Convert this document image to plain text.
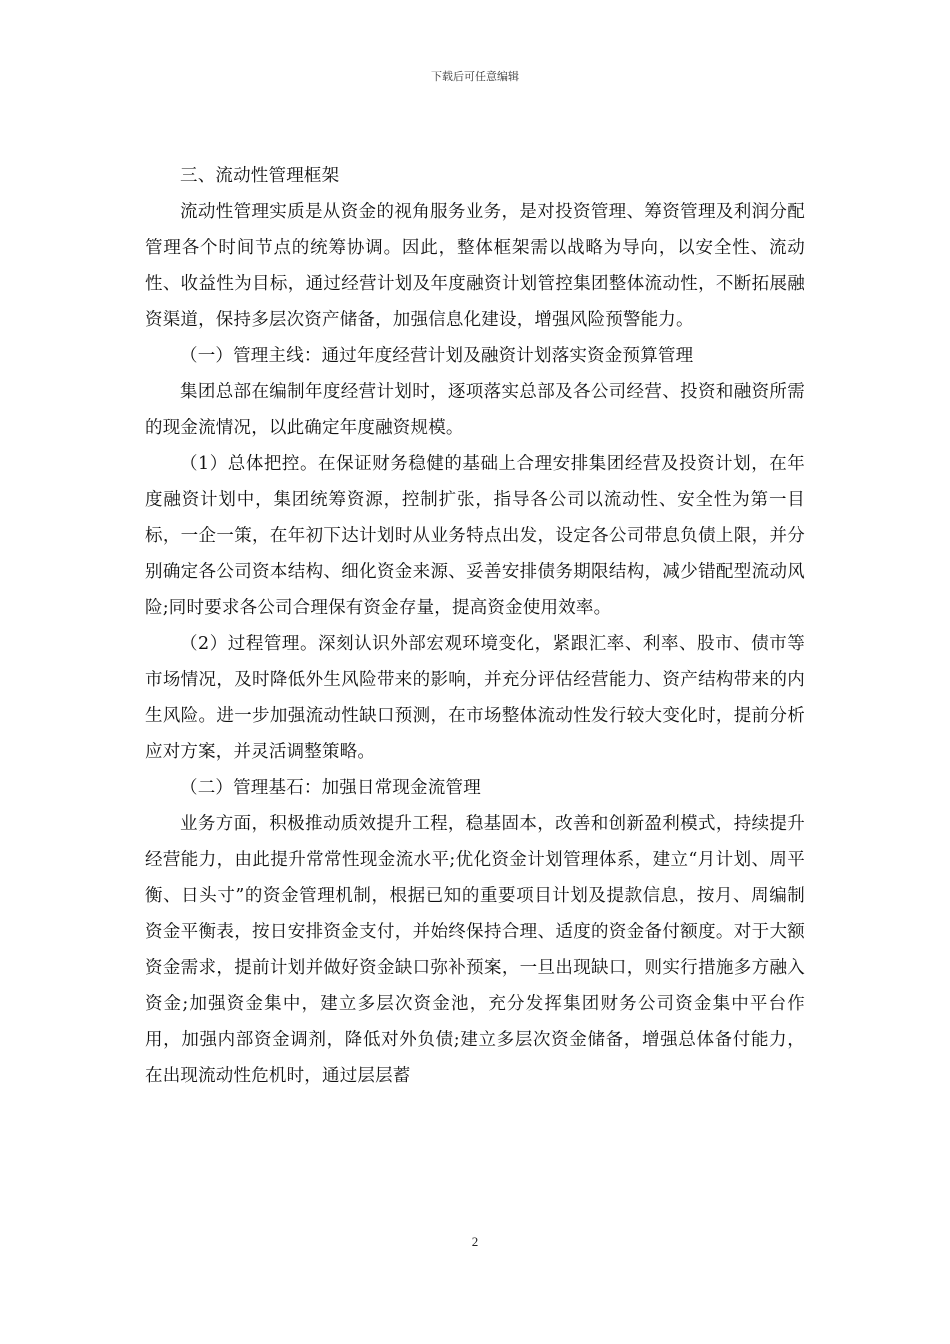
下载后可任意编辑

三、流动性管理框架

流动性管理实质是从资金的视角服务业务，是对投资管理、筹资管理及利润分配管理各个时间节点的统筹协调。因此，整体框架需以战略为导向，以安全性、流动性、收益性为目标，通过经营计划及年度融资计划管控集团整体流动性，不断拓展融资渠道，保持多层次资产储备，加强信息化建设，增强风险预警能力。

（一）管理主线：通过年度经营计划及融资计划落实资金预算管理

集团总部在编制年度经营计划时，逐项落实总部及各公司经营、投资和融资所需的现金流情况，以此确定年度融资规模。

（1）总体把控。在保证财务稳健的基础上合理安排集团经营及投资计划，在年度融资计划中，集团统筹资源，控制扩张，指导各公司以流动性、安全性为第一目标，一企一策，在年初下达计划时从业务特点出发，设定各公司带息负债上限，并分别确定各公司资本结构、细化资金来源、妥善安排债务期限结构，减少错配型流动风险;同时要求各公司合理保有资金存量，提高资金使用效率。

（2）过程管理。深刻认识外部宏观环境变化，紧跟汇率、利率、股市、债市等市场情况，及时降低外生风险带来的影响，并充分评估经营能力、资产结构带来的内生风险。进一步加强流动性缺口预测，在市场整体流动性发行较大变化时，提前分析应对方案，并灵活调整策略。

（二）管理基石：加强日常现金流管理

业务方面，积极推动质效提升工程，稳基固本，改善和创新盈利模式，持续提升经营能力，由此提升常常性现金流水平;优化资金计划管理体系，建立“月计划、周平衡、日头寸”的资金管理机制，根据已知的重要项目计划及提款信息，按月、周编制资金平衡表，按日安排资金支付，并始终保持合理、适度的资金备付额度。对于大额资金需求，提前计划并做好资金缺口弥补预案，一旦出现缺口，则实行措施多方融入资金;加强资金集中，建立多层次资金池，充分发挥集团财务公司资金集中平台作用，加强内部资金调剂，降低对外负债;建立多层次资金储备，增强总体备付能力，在出现流动性危机时，通过层层蓄

2
